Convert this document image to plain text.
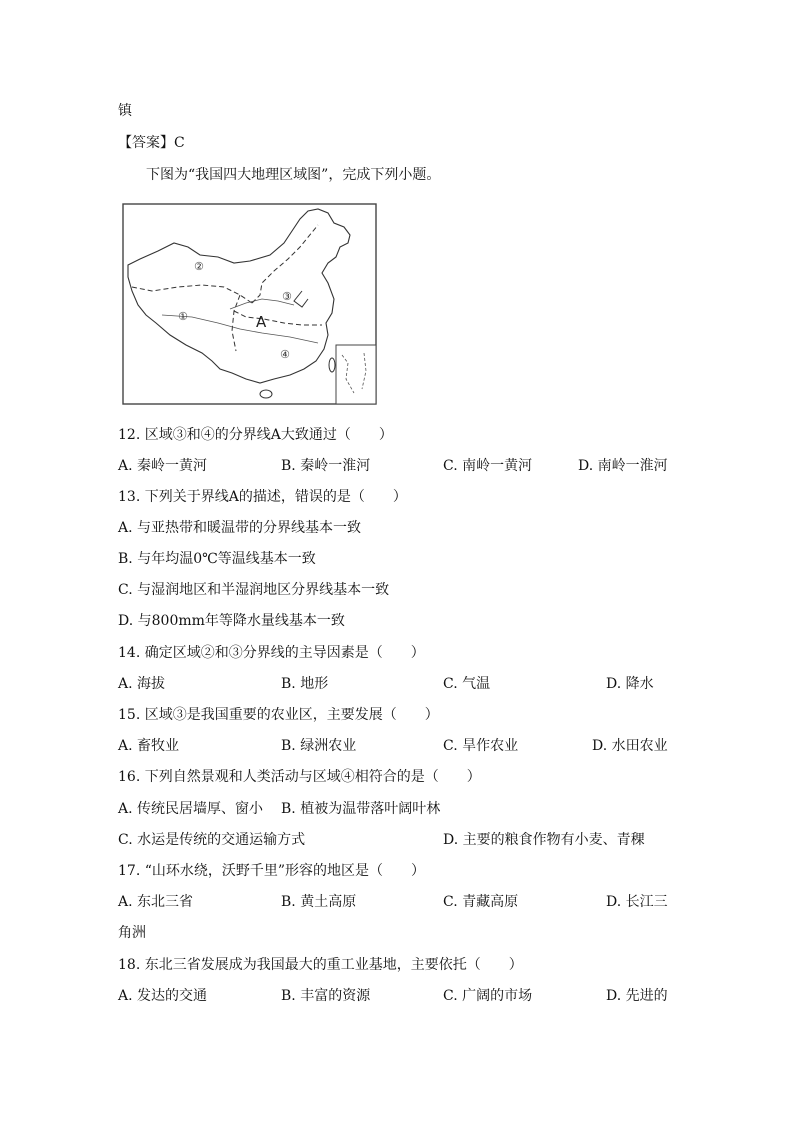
镇
【答案】C
下图为“我国四大地理区域图”，完成下列小题。
②
①
③
④
A
12. 区域③和④的分界线A大致通过（　　）
A. 秦岭一黄河	B. 秦岭一淮河	C. 南岭一黄河	D. 南岭一淮河
13. 下列关于界线A的描述，错误的是（　　）
A. 与亚热带和暖温带的分界线基本一致
B. 与年均温0℃等温线基本一致
C. 与湿润地区和半湿润地区分界线基本一致
D. 与800mm年等降水量线基本一致
14. 确定区域②和③分界线的主导因素是（　　）
A. 海拔	B. 地形	C. 气温	D. 降水
15. 区域③是我国重要的农业区，主要发展（　　）
A. 畜牧业	B. 绿洲农业	C. 旱作农业	D. 水田农业
16. 下列自然景观和人类活动与区域④相符合的是（　　）
A. 传统民居墙厚、窗小 B. 植被为温带落叶阔叶林
C. 水运是传统的交通运输方式	D. 主要的粮食作物有小麦、青稞
17. “山环水绕，沃野千里”形容的地区是（　　）
A. 东北三省	B. 黄土高原	C. 青藏高原	D. 长江三
角洲
18. 东北三省发展成为我国最大的重工业基地，主要依托（　　）
A. 发达的交通	B. 丰富的资源	C. 广阔的市场	D. 先进的
